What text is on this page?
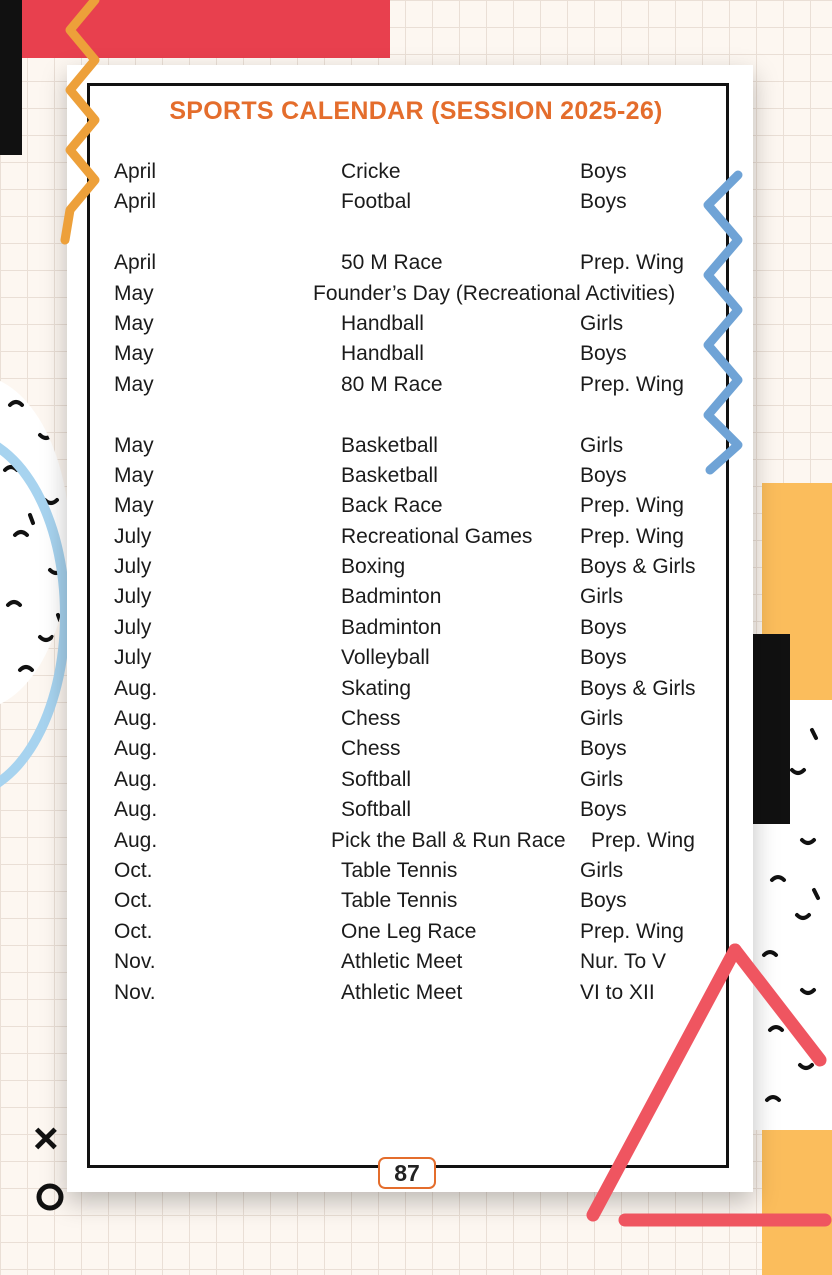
SPORTS CALENDAR (SESSION 2025-26)
April	Cricke	Boys
April	Footbal	Boys
April	50 M Race	Prep. Wing
May	Founder’s Day (Recreational Activities)
May	Handball	Girls
May	Handball	Boys
May	80 M Race	Prep. Wing
May	Basketball	Girls
May	Basketball	Boys
May	Back Race	Prep. Wing
July	Recreational Games Prep. Wing
July	Boxing	Boys & Girls
July	Badminton	Girls
July	Badminton	Boys
July	Volleyball	Boys
Aug.	Skating	Boys & Girls
Aug.	Chess	Girls
Aug.	Chess	Boys
Aug.	Softball	Girls
Aug.	Softball	Boys
Aug.	Pick the Ball & Run Race Prep. Wing
Oct.	Table Tennis	Girls
Oct.	Table Tennis	Boys
Oct.	One Leg Race	Prep. Wing
Nov.	Athletic Meet	Nur. To V
Nov.	Athletic Meet	VI to XII
87
×
